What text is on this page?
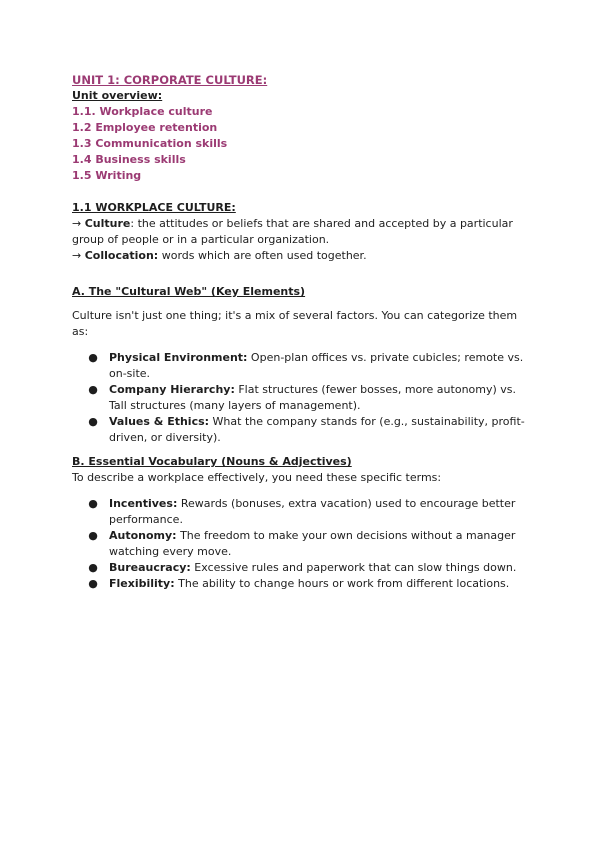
UNIT 1: CORPORATE CULTURE:
Unit overview:
1.1. Workplace culture
1.2 Employee retention
1.3 Communication skills
1.4 Business skills
1.5 Writing
1.1 WORKPLACE CULTURE:

→ Culture: the attitudes or beliefs that are shared and accepted by a particular group of people or in a particular organization.

→ Collocation: words which are often used together.

A. The "Cultural Web" (Key Elements)

Culture isn't just one thing; it's a mix of several factors. You can categorize them as:

● Physical Environment: Open-plan offices vs. private cubicles; remote vs. on-site.
● Company Hierarchy: Flat structures (fewer bosses, more autonomy) vs. Tall structures (many layers of management).
● Values & Ethics: What the company stands for (e.g., sustainability, profit-driven, or diversity).
B. Essential Vocabulary (Nouns & Adjectives)

To describe a workplace effectively, you need these specific terms:

● Incentives: Rewards (bonuses, extra vacation) used to encourage better performance.
● Autonomy: The freedom to make your own decisions without a manager watching every move.
● Bureaucracy: Excessive rules and paperwork that can slow things down.
● Flexibility: The ability to change hours or work from different locations.
